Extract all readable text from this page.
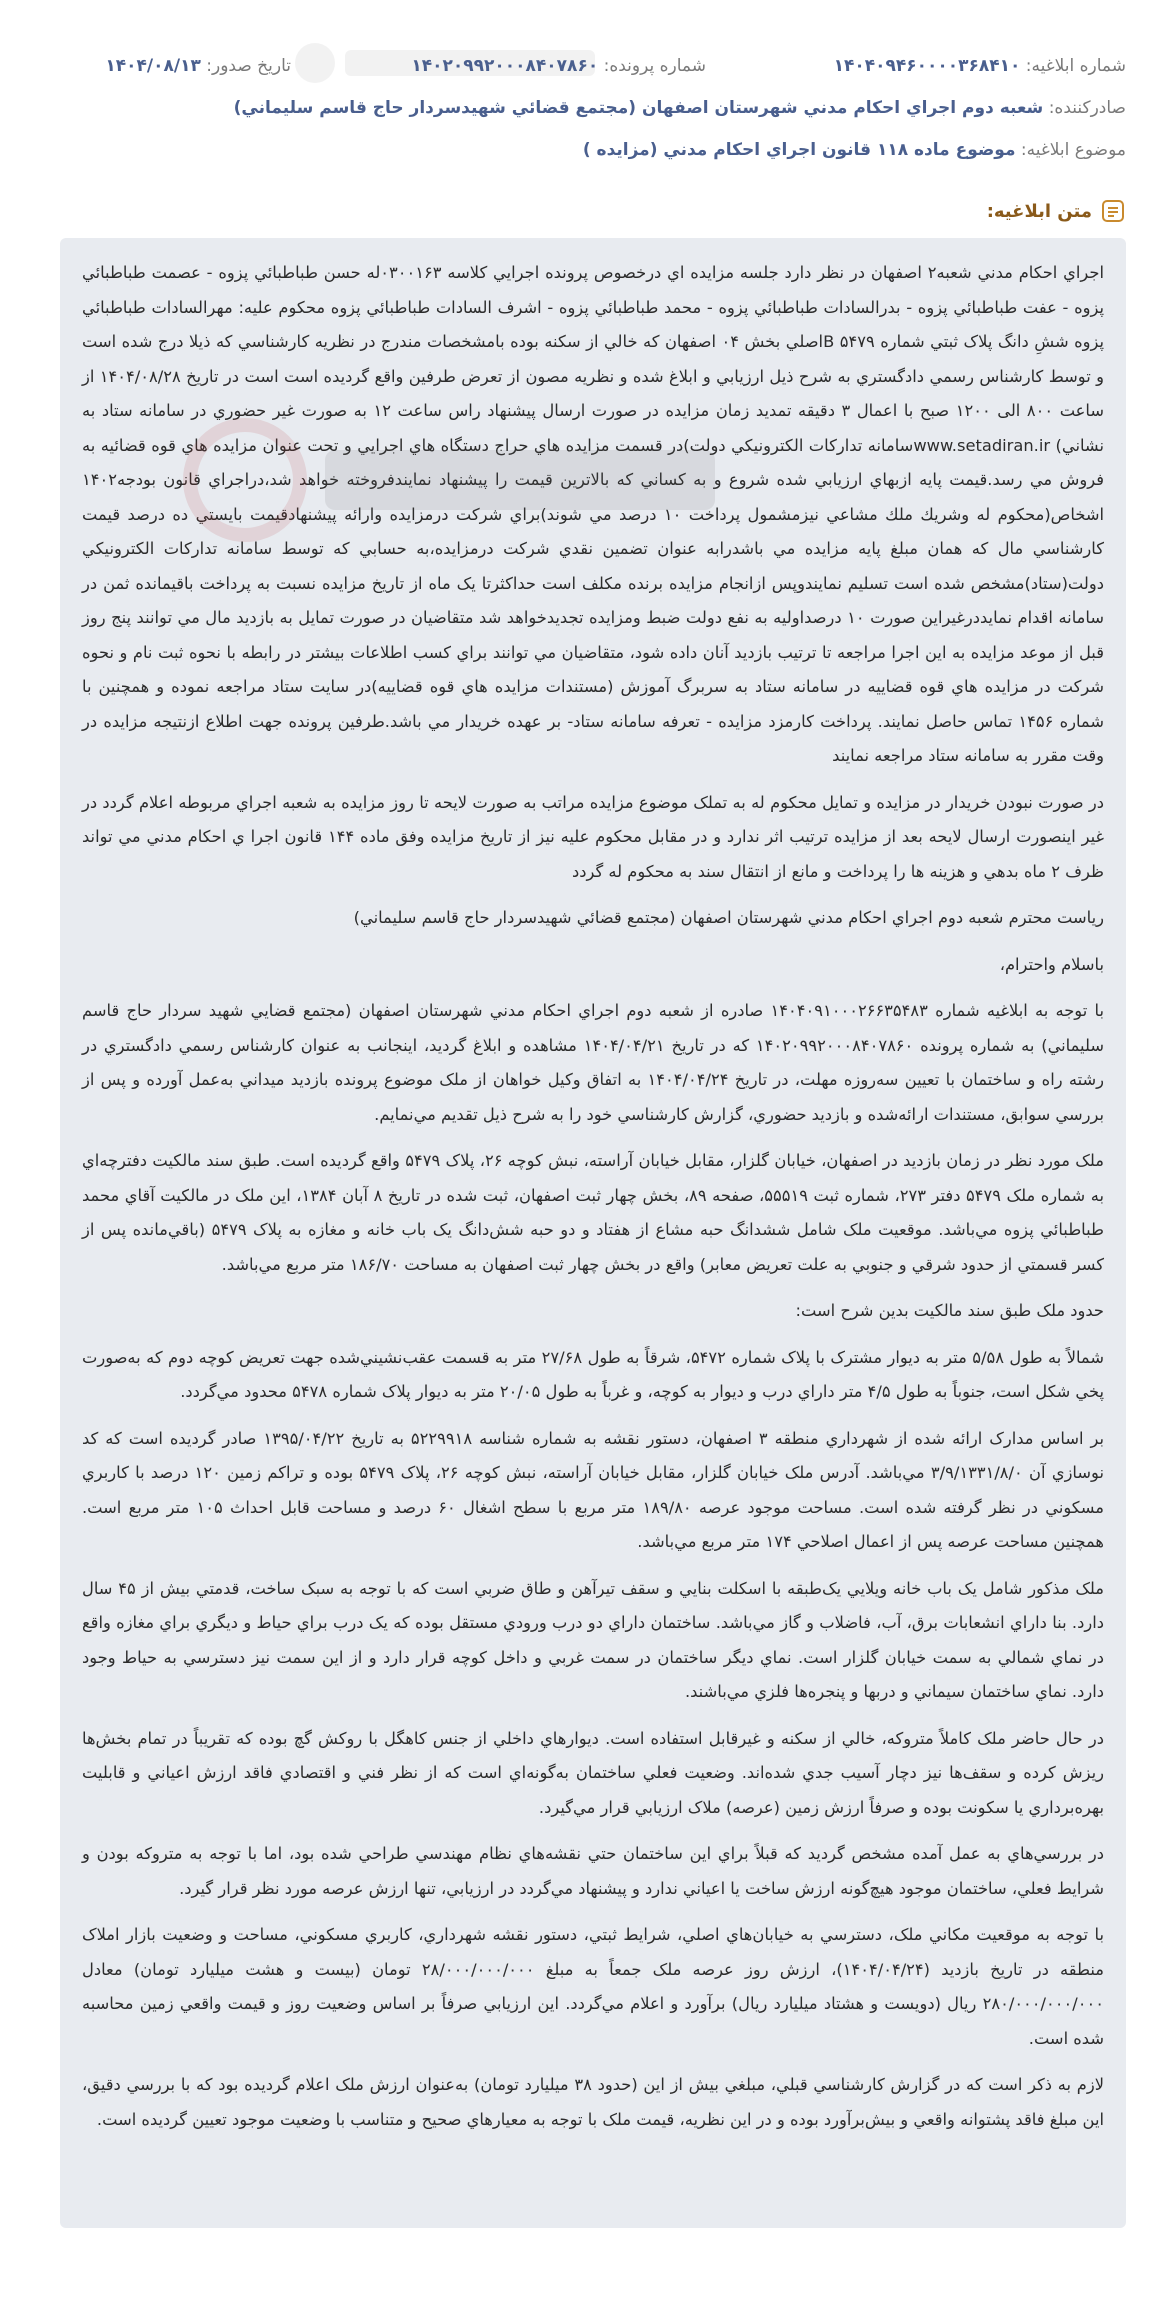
شماره ابلاغيه: ۱۴۰۴۰۹۴۶۰۰۰۰۳۶۸۴۱۰
شماره پرونده: ۱۴۰۲۰۹۹۲۰۰۰۸۴۰۷۸۶۰
تاريخ صدور: ۱۴۰۴/۰۸/۱۳
صادرکننده: شعبه دوم اجراي احكام مدني شهرستان اصفهان (مجتمع قضائي شهيدسردار حاج قاسم سليماني)
موضوع ابلاغيه: موضوع ماده ۱۱۸ قانون اجراي احکام مدني (مزايده )
متن ابلاغيه:

اجراي احكام مدني شعبه۲ اصفهان در نظر دارد جلسه مزايده اي درخصوص پرونده اجرايي كلاسه ۰۳۰۰۱۶۳له حسن طباطبائي پزوه - عصمت طباطبائي پزوه - عفت طباطبائي پزوه - بدرالسادات طباطبائي پزوه - محمد طباطبائي پزوه - اشرف السادات طباطبائي پزوه محكوم عليه: مهرالسادات طباطبائي پزوه ششِ دانگ پلاک ثبتي شماره ۵۴۷۹ Bاصلي بخش ۰۴ اصفهان كه خالي از سكنه بوده بامشخصات مندرج در نظريه كارشناسي كه ذيلا درج شده است و توسط كارشناس رسمي دادگستري به شرح ذيل ارزيابي و ابلاغ شده و نظريه مصون از تعرض طرفين واقع گرديده است است در تاريخ ۱۴۰۴/۰۸/۲۸ از ساعت ۸۰۰ الی ۱۲۰۰ صبح با اعمال ۳ دقيقه تمديد زمان مزايده در صورت ارسال پيشنهاد راس ساعت ۱۲ به صورت غير حضوري در سامانه ستاد به نشاني) www.setadiran.irسامانه تداركات الكترونيكي دولت)در قسمت مزايده هاي حراج دستگاه هاي اجرايي و تحت عنوان مزايده هاي قوه قضائيه به فروش مي رسد.قيمت پايه ازبهاي ارزيابي شده شروع و به كساني كه بالاترين قيمت را پيشنهاد نمايندفروخته خواهد شد،دراجراي قانون بودجه۱۴۰۲ اشخاص(محكوم له وشريك ملك مشاعي نيزمشمول پرداخت ۱۰ درصد مي شوند)براي شركت درمزايده وارائه پيشنهادقيمت بايستي ده درصد قيمت كارشناسي مال كه همان مبلغ پايه مزايده مي باشدرابه عنوان تضمين نقدي شركت درمزايده،به حسابي كه توسط سامانه تداركات الكترونيكي دولت(ستاد)مشخص شده است تسليم نمايندوپس ازانجام مزايده برنده مكلف است حداكثرتا يک ماه از تاريخ مزايده نسبت به پرداخت باقيمانده ثمن در سامانه اقدام نمايددرغيراين صورت ۱۰ درصداوليه به نفع دولت ضبط ومزايده تجديدخواهد شد متقاضيان در صورت تمايل به بازديد مال مي توانند پنج روز قبل از موعد مزايده به اين اجرا مراجعه تا ترتيب بازديد آنان داده شود، متقاضيان مي توانند براي كسب اطلاعات بيشتر در رابطه با نحوه ثبت نام و نحوه شركت در مزايده هاي قوه قضاييه در سامانه ستاد به سربرگ آموزش (مستندات مزايده هاي قوه قضاييه)در سايت ستاد مراجعه نموده و همچنين با شماره ۱۴۵۶ تماس حاصل نمايند. پرداخت كارمزد مزايده - تعرفه سامانه ستاد- بر عهده خريدار مي باشد.طرفين پرونده جهت اطلاع ازنتيجه مزايده در وقت مقرر به سامانه ستاد مراجعه نمايند

در صورت نبودن خريدار در مزايده و تمايل محكوم له به تملک موضوع مزايده مراتب به صورت لايحه تا روز مزايده به شعبه اجراي مربوطه اعلام گردد در غير اينصورت ارسال لايحه بعد از مزايده ترتيب اثر ندارد و در مقابل محكوم عليه نيز از تاريخ مزايده وفق ماده ۱۴۴ قانون اجرا ي احكام مدني مي تواند ظرف ۲ ماه بدهي و هزينه ها را پرداخت و مانع از انتقال سند به محكوم له گردد

رياست محترم شعبه دوم اجراي احكام مدني شهرستان اصفهان (مجتمع قضائي شهيدسردار حاج قاسم سليماني)

باسلام واحترام،

با توجه به ابلاغيه شماره ۱۴۰۴۰۹۱۰۰۰۲۶۶۳۵۴۸۳ صادره از شعبه دوم اجراي احكام مدني شهرستان اصفهان (مجتمع قضايي شهيد سردار حاج قاسم سليماني) به شماره پرونده ۱۴۰۲۰۹۹۲۰۰۰۸۴۰۷۸۶۰ كه در تاريخ ۱۴۰۴/۰۴/۲۱ مشاهده و ابلاغ گرديد، اينجانب به عنوان كارشناس رسمي دادگستري در رشته راه و ساختمان با تعيين سه‌روزه مهلت، در تاريخ ۱۴۰۴/۰۴/۲۴ به اتفاق وكيل خواهان از ملک موضوع پرونده بازديد ميداني به‌عمل آورده و پس از بررسي سوابق، مستندات ارائه‌شده و بازديد حضوري، گزارش كارشناسي خود را به شرح ذيل تقديم مي‌نمايم.

ملک مورد نظر در زمان بازديد در اصفهان، خيابان گلزار، مقابل خيابان آراسته، نبش كوچه ۲۶، پلاک ۵۴۷۹ واقع گرديده است. طبق سند مالكيت دفترچه‌اي به شماره ملک ۵۴۷۹ دفتر ۲۷۳، شماره ثبت ۵۵۵۱۹، صفحه ۸۹، بخش چهار ثبت اصفهان، ثبت شده در تاريخ ۸ آبان ۱۳۸۴، اين ملک در مالكيت آقاي محمد طباطبائي پزوه مي‌باشد. موقعيت ملک شامل ششدانگ حبه مشاع از هفتاد و دو حبه شش‌دانگ يک باب خانه و مغازه به پلاک ۵۴۷۹ (باقي‌مانده پس از كسر قسمتي از حدود شرقي و جنوبي به علت تعريض معابر) واقع در بخش چهار ثبت اصفهان به مساحت ۱۸۶/۷۰ متر مربع مي‌باشد.

حدود ملک طبق سند مالكيت بدين شرح است:

شمالاً به طول ۵/۵۸ متر به ديوار مشترک با پلاک شماره ۵۴۷۲، شرقاً به طول ۲۷/۶۸ متر به قسمت عقب‌نشيني‌شده جهت تعريض كوچه دوم كه به‌صورت پخي شكل است، جنوباً به طول ۴/۵ متر داراي درب و ديوار به كوچه، و غرباً به طول ۲۰/۰۵ متر به ديوار پلاک شماره ۵۴۷۸ محدود مي‌گردد.

بر اساس مدارک ارائه شده از شهرداري منطقه ۳ اصفهان، دستور نقشه به شماره شناسه ۵۲۲۹۹۱۸ به تاريخ ۱۳۹۵/۰۴/۲۲ صادر گرديده است كه كد نوسازي آن ۳/۹/۱۳۳۱/۸/۰ مي‌باشد. آدرس ملک خيابان گلزار، مقابل خيابان آراسته، نبش كوچه ۲۶، پلاک ۵۴۷۹ بوده و تراكم زمين ۱۲۰ درصد با كاربري مسكوني در نظر گرفته شده است. مساحت موجود عرصه ۱۸۹/۸۰ متر مربع با سطح اشغال ۶۰ درصد و مساحت قابل احداث ۱۰۵ متر مربع است. همچنين مساحت عرصه پس از اعمال اصلاحي ۱۷۴ متر مربع مي‌باشد.

ملک مذكور شامل يک باب خانه ويلايي يک‌طبقه با اسكلت بنايي و سقف تيرآهن و طاق ضربي است كه با توجه به سبک ساخت، قدمتي بيش از ۴۵ سال دارد. بنا داراي انشعابات برق، آب، فاضلاب و گاز مي‌باشد. ساختمان داراي دو درب ورودي مستقل بوده كه يک درب براي حياط و ديگري براي مغازه واقع در نماي شمالي به سمت خيابان گلزار است. نماي ديگر ساختمان در سمت غربي و داخل كوچه قرار دارد و از اين سمت نيز دسترسي به حياط وجود دارد. نماي ساختمان سيماني و دربها و پنجره‌ها فلزي مي‌باشند.

در حال حاضر ملک كاملاً متروكه، خالي از سكنه و غيرقابل استفاده است. ديوارهاي داخلي از جنس كاهگل با روكش گچ بوده كه تقريباً در تمام بخش‌ها ريزش كرده و سقف‌ها نيز دچار آسيب جدي شده‌اند. وضعيت فعلي ساختمان به‌گونه‌اي است كه از نظر فني و اقتصادي فاقد ارزش اعياني و قابليت بهره‌برداري يا سكونت بوده و صرفاً ارزش زمين (عرصه) ملاک ارزيابي قرار مي‌گيرد.

در بررسي‌هاي به عمل آمده مشخص گرديد كه قبلاً براي اين ساختمان حتي نقشه‌هاي نظام مهندسي طراحي شده بود، اما با توجه به متروكه بودن و شرايط فعلي، ساختمان موجود هيچ‌گونه ارزش ساخت يا اعياني ندارد و پيشنهاد مي‌گردد در ارزيابي، تنها ارزش عرصه مورد نظر قرار گيرد.

با توجه به موقعيت مكاني ملک، دسترسي به خيابان‌هاي اصلي، شرايط ثبتي، دستور نقشه شهرداري، كاربري مسكوني، مساحت و وضعيت بازار املاک منطقه در تاريخ بازديد (۱۴۰۴/۰۴/۲۴)، ارزش روز عرصه ملک جمعاً به مبلغ ۲۸/۰۰۰/۰۰۰/۰۰۰ تومان (بيست و هشت ميليارد تومان) معادل ۲۸۰/۰۰۰/۰۰۰/۰۰۰ ريال (دويست و هشتاد ميليارد ريال) برآورد و اعلام مي‌گردد. اين ارزيابي صرفاً بر اساس وضعيت روز و قيمت واقعي زمين محاسبه شده است.

لازم به ذكر است كه در گزارش كارشناسي قبلي، مبلغي بيش از اين (حدود ۳۸ ميليارد تومان) به‌عنوان ارزش ملک اعلام گرديده بود كه با بررسي دقيق، اين مبلغ فاقد پشتوانه واقعي و بيش‌برآورد بوده و در اين نظريه، قيمت ملک با توجه به معيارهاي صحيح و متناسب با وضعيت موجود تعيين گرديده است.
